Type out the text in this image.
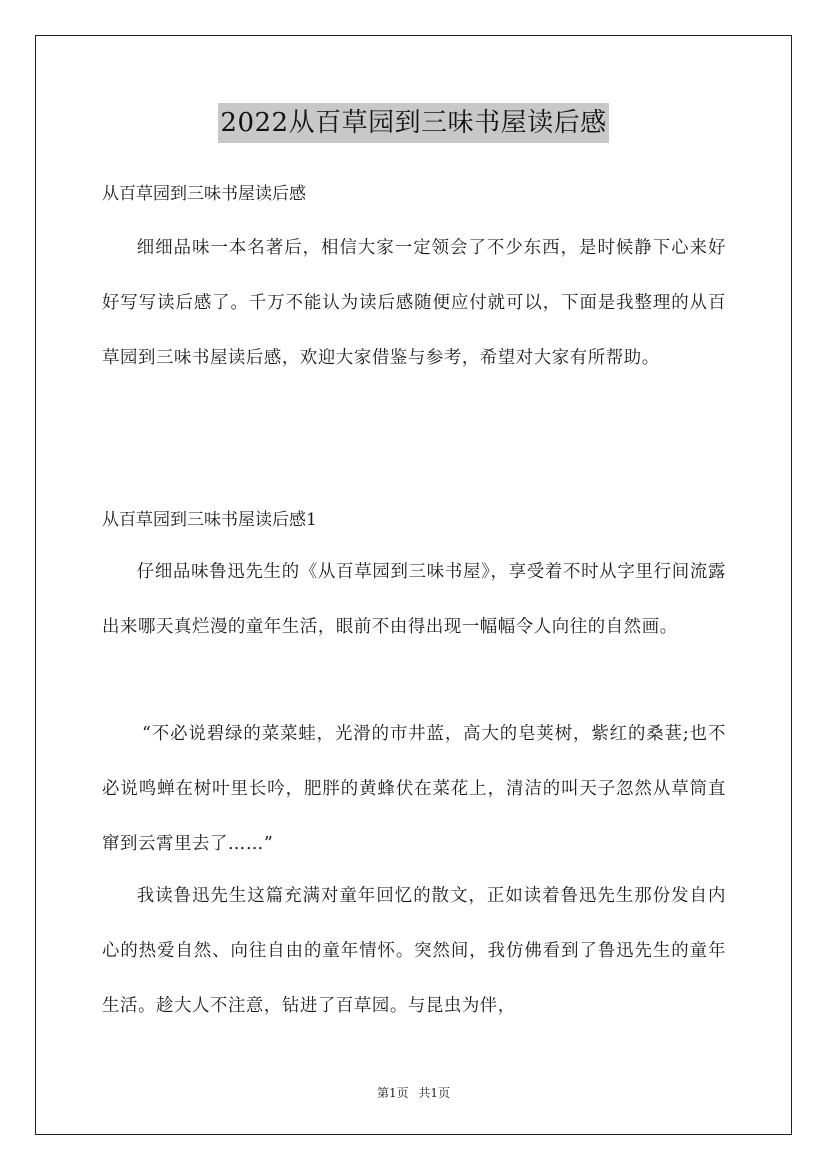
2022从百草园到三味书屋读后感
从百草园到三味书屋读后感

细细品味一本名著后，相信大家一定领会了不少东西，是时候静下心来好好写写读后感了。千万不能认为读后感随便应付就可以，下面是我整理的从百草园到三味书屋读后感，欢迎大家借鉴与参考，希望对大家有所帮助。

从百草园到三味书屋读后感1

仔细品味鲁迅先生的《从百草园到三味书屋》，享受着不时从字里行间流露出来哪天真烂漫的童年生活，眼前不由得出现一幅幅令人向往的自然画。

“不必说碧绿的菜菜蛙，光滑的市井蓝，高大的皂荚树，紫红的桑葚;也不必说鸣蝉在树叶里长吟，肥胖的黄蜂伏在菜花上，清洁的叫天子忽然从草筒直窜到云霄里去了……”

我读鲁迅先生这篇充满对童年回忆的散文，正如读着鲁迅先生那份发自内心的热爱自然、向往自由的童年情怀。突然间，我仿佛看到了鲁迅先生的童年生活。趁大人不注意，钻进了百草园。与昆虫为伴，

第1页 共1页
